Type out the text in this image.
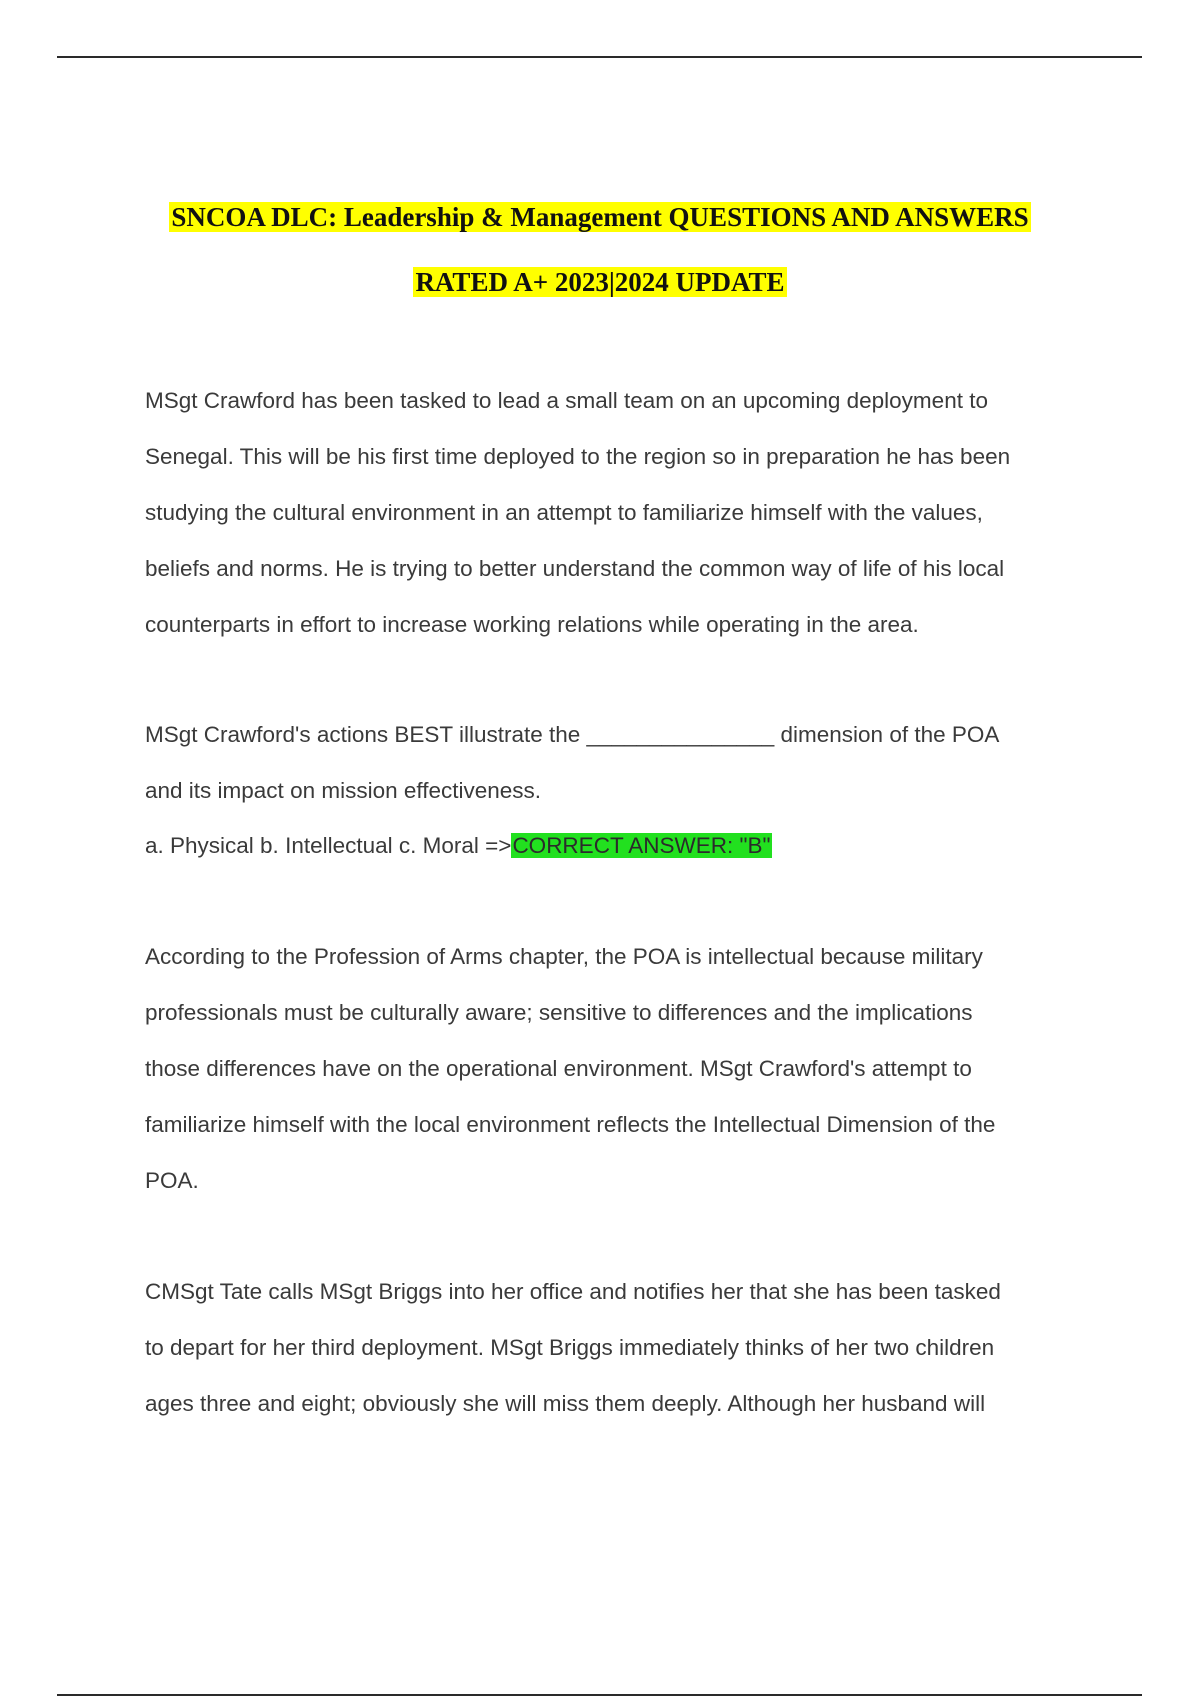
SNCOA DLC: Leadership & Management QUESTIONS AND ANSWERS
RATED A+ 2023|2024 UPDATE
MSgt Crawford has been tasked to lead a small team on an upcoming deployment to
Senegal. This will be his first time deployed to the region so in preparation he has been
studying the cultural environment in an attempt to familiarize himself with the values,
beliefs and norms. He is trying to better understand the common way of life of his local
counterparts in effort to increase working relations while operating in the area.
MSgt Crawford's actions BEST illustrate the _______________ dimension of the POA
and its impact on mission effectiveness.
a. Physical b. Intellectual c. Moral =>CORRECT ANSWER: "B"
According to the Profession of Arms chapter, the POA is intellectual because military
professionals must be culturally aware; sensitive to differences and the implications
those differences have on the operational environment. MSgt Crawford's attempt to
familiarize himself with the local environment reflects the Intellectual Dimension of the
POA.
CMSgt Tate calls MSgt Briggs into her office and notifies her that she has been tasked
to depart for her third deployment. MSgt Briggs immediately thinks of her two children
ages three and eight; obviously she will miss them deeply. Although her husband will
